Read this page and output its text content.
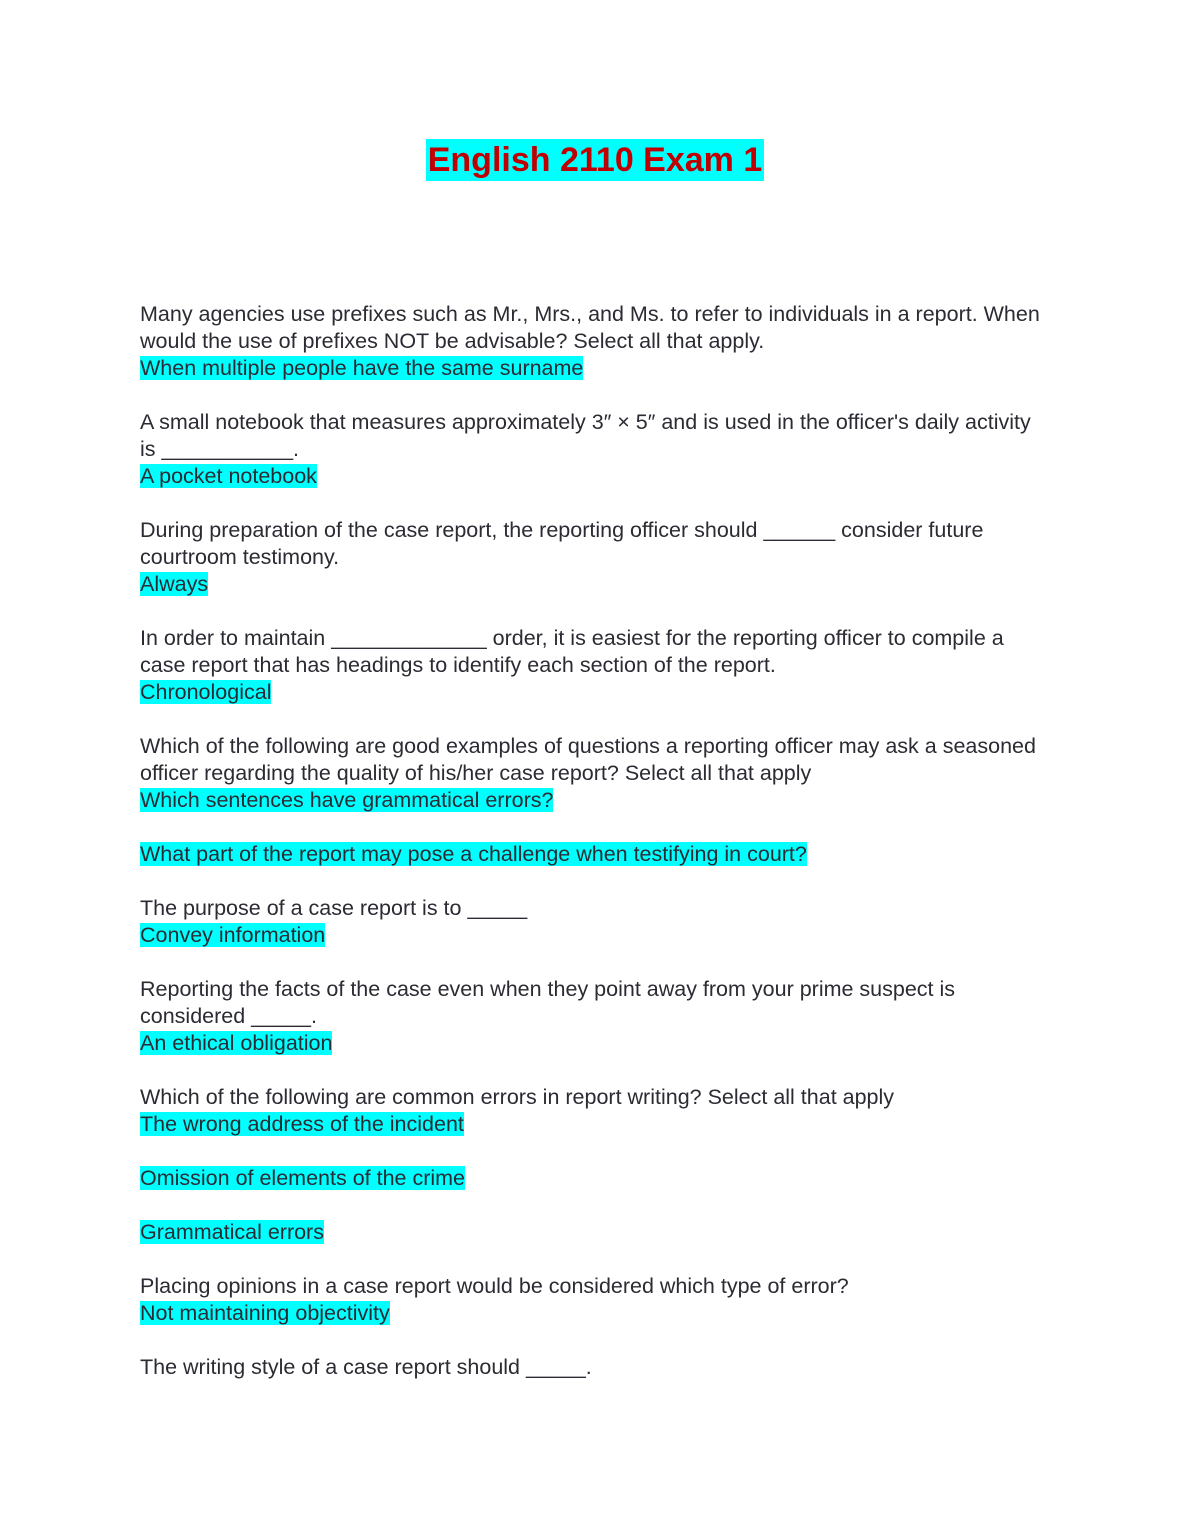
English 2110 Exam 1

Many agencies use prefixes such as Mr., Mrs., and Ms. to refer to individuals in a report. When would the use of prefixes NOT be advisable? Select all that apply.

When multiple people have the same surname

A small notebook that measures approximately 3″ × 5″ and is used in the officer's daily activity is ___________.

A pocket notebook

During preparation of the case report, the reporting officer should ______ consider future courtroom testimony.

Always

In order to maintain _____________ order, it is easiest for the reporting officer to compile a case report that has headings to identify each section of the report.

Chronological

Which of the following are good examples of questions a reporting officer may ask a seasoned officer regarding the quality of his/her case report? Select all that apply

Which sentences have grammatical errors?

What part of the report may pose a challenge when testifying in court?

The purpose of a case report is to _____

Convey information

Reporting the facts of the case even when they point away from your prime suspect is considered _____.

An ethical obligation

Which of the following are common errors in report writing? Select all that apply

The wrong address of the incident

Omission of elements of the crime

Grammatical errors

Placing opinions in a case report would be considered which type of error?

Not maintaining objectivity

The writing style of a case report should _____.
